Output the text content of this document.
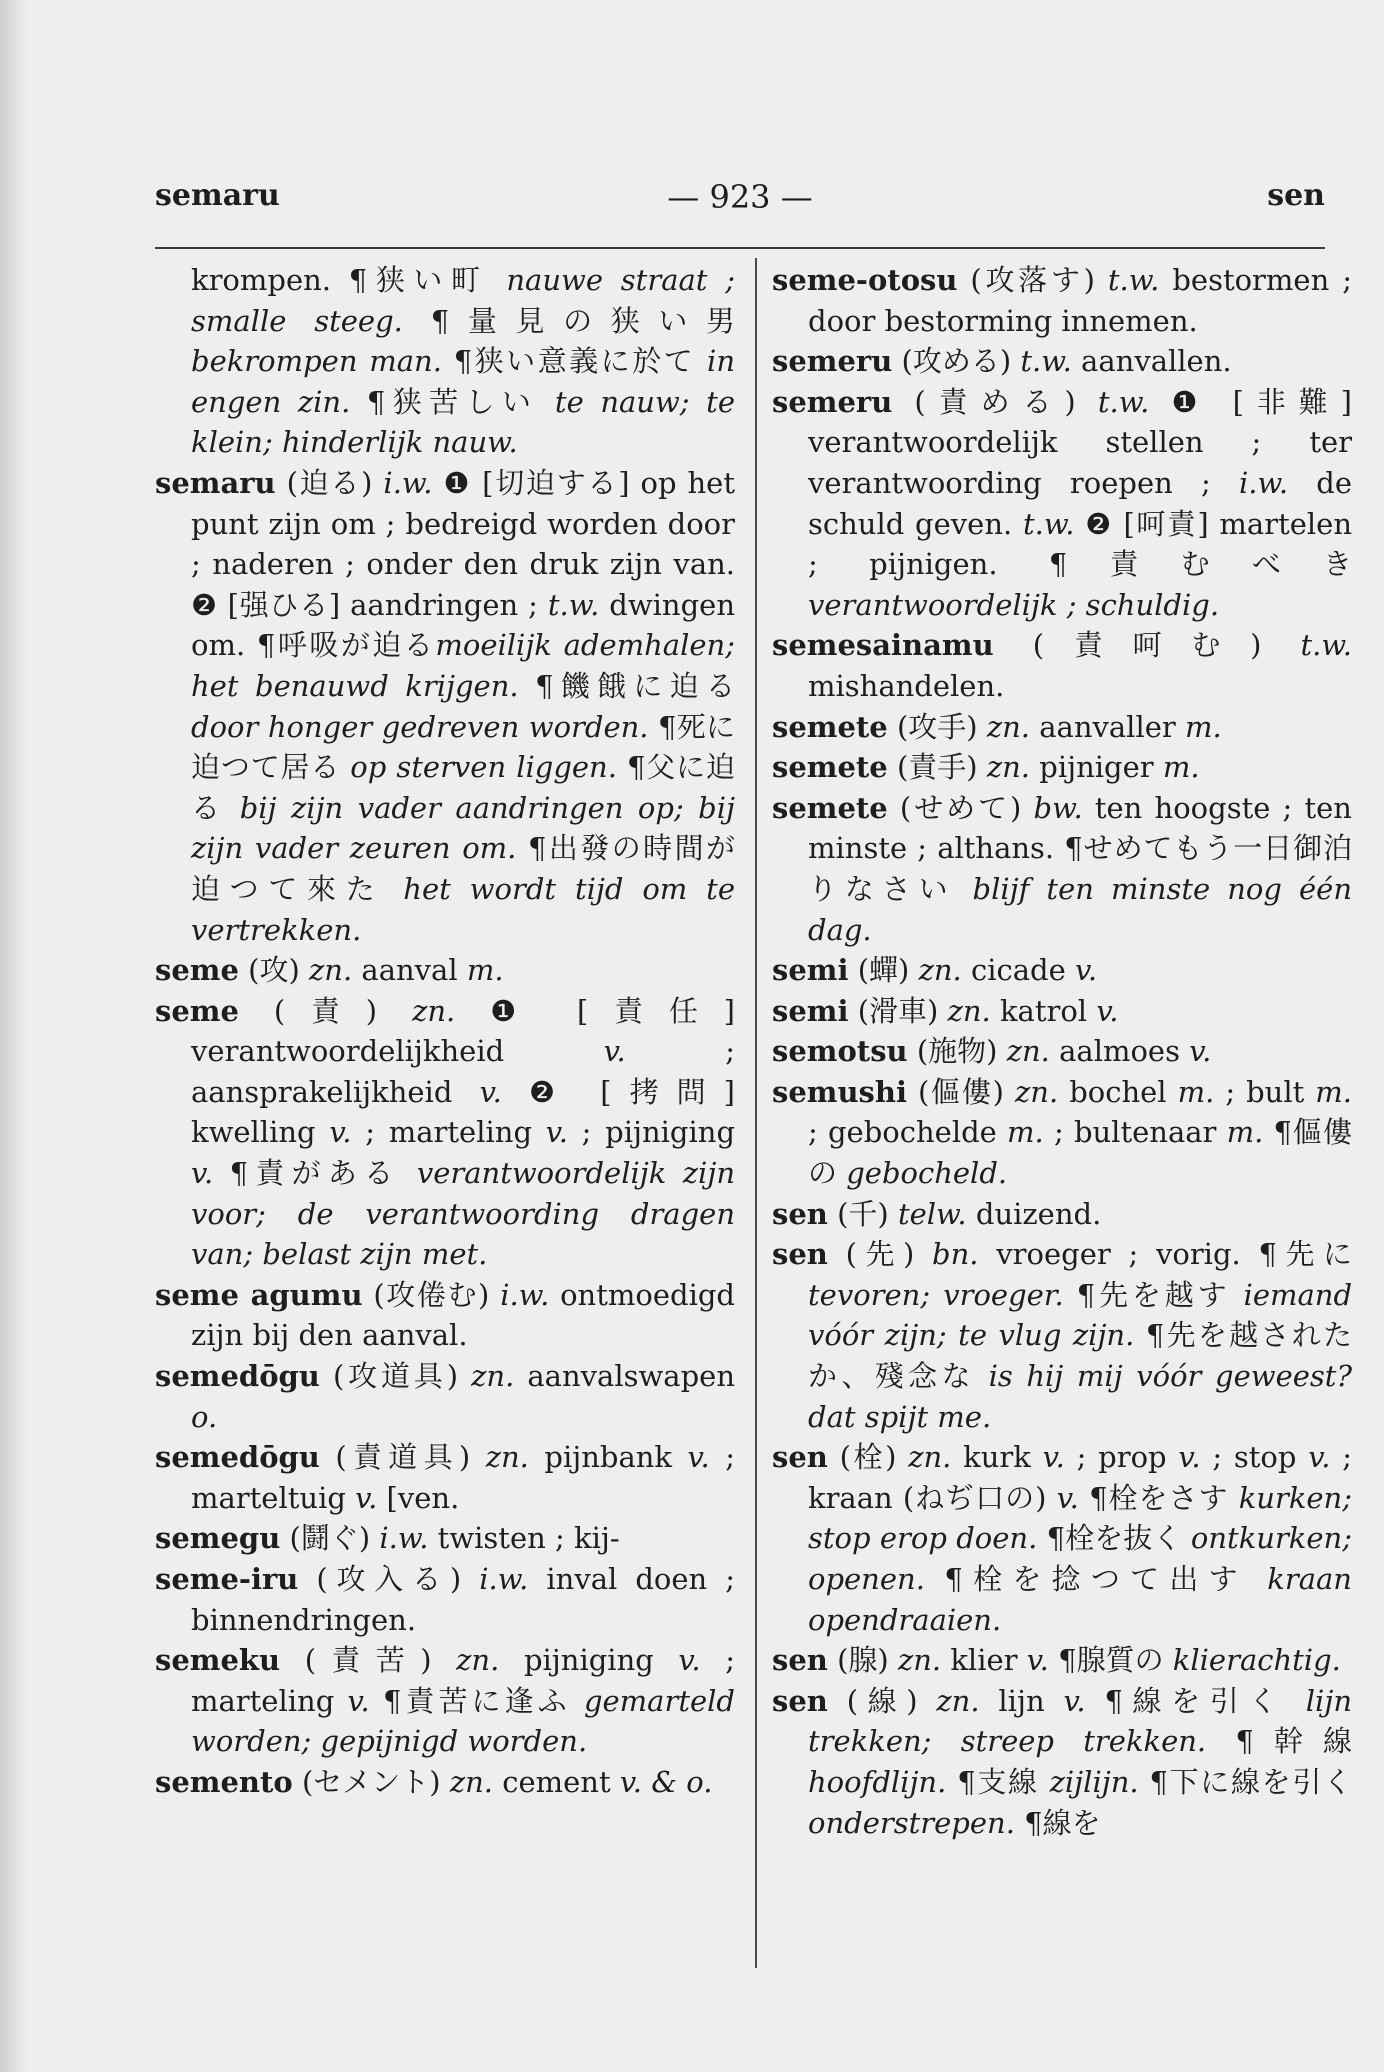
semaru	— 923 —	sen

krompen. ¶狭い町 nauwe straat ; smalle steeg. ¶量見の狭い男 bekrompen man. ¶狭い意義に於て in engen zin. ¶狭苦しい te nauw; te klein; hinderlijk nauw.

semaru (迫る) i.w. ❶ [切迫する] op het punt zijn om ; bedreigd worden door ; naderen ; onder den druk zijn van. ❷ [强ひる] aandringen ; t.w. dwingen om. ¶呼吸が迫るmoeilijk ademhalen; het benauwd krijgen. ¶饑餓に迫る door honger gedreven worden. ¶死に迫つて居る op sterven liggen. ¶父に迫る bij zijn vader aandringen op; bij zijn vader zeuren om. ¶出發の時間が迫つて來た het wordt tijd om te vertrekken.

seme (攻) zn. aanval m.

seme (責) zn. ❶ [責任] verantwoordelijkheid v. ; aansprakelijkheid v. ❷ [拷問] kwelling v. ; marteling v. ; pijniging v. ¶責がある verantwoordelijk zijn voor; de verantwoording dragen van; belast zijn met.

seme agumu (攻倦む) i.w. ontmoedigd zijn bij den aanval.

semedōgu (攻道具) zn. aanvalswapen o.

semedōgu (責道具) zn. pijnbank v. ; marteltuig v. [ven.

semegu (鬪ぐ) i.w. twisten ; kij-

seme-iru (攻入る) i.w. inval doen ; binnendringen.

semeku (責苦) zn. pijniging v. ; marteling v. ¶責苦に逢ふ gemarteld worden; gepijnigd worden.

semento (セメント) zn. cement v. & o.

seme-otosu (攻落す) t.w. bestormen ; door bestorming innemen.

semeru (攻める) t.w. aanvallen.

semeru (責める) t.w. ❶ [非難] verantwoordelijk stellen ; ter verantwoording roepen ; i.w. de schuld geven. t.w. ❷ [呵責] martelen ; pijnigen. ¶責むべき verantwoordelijk ; schuldig.

semesainamu (責呵む) t.w. mishandelen.

semete (攻手) zn. aanvaller m.

semete (責手) zn. pijniger m.

semete (せめて) bw. ten hoogste ; ten minste ; althans. ¶せめてもう一日御泊りなさい blijf ten minste nog één dag.

semi (蟬) zn. cicade v.

semi (滑車) zn. katrol v.

semotsu (施物) zn. aalmoes v.

semushi (傴僂) zn. bochel m. ; bult m. ; gebochelde m. ; bultenaar m. ¶傴僂の gebocheld.

sen (千) telw. duizend.

sen (先) bn. vroeger ; vorig. ¶先に tevoren; vroeger. ¶先を越す iemand vóór zijn; te vlug zijn. ¶先を越されたか、殘念な is hij mij vóór geweest? dat spijt me.

sen (栓) zn. kurk v. ; prop v. ; stop v. ; kraan (ねぢ口の) v. ¶栓をさす kurken; stop erop doen. ¶栓を抜く ontkurken; openen. ¶栓を捻つて出す kraan opendraaien.

sen (腺) zn. klier v. ¶腺質の klierachtig.

sen (線) zn. lijn v. ¶線を引く lijn trekken; streep trekken. ¶幹線 hoofdlijn. ¶支線 zijlijn. ¶下に線を引く onderstrepen. ¶線を
